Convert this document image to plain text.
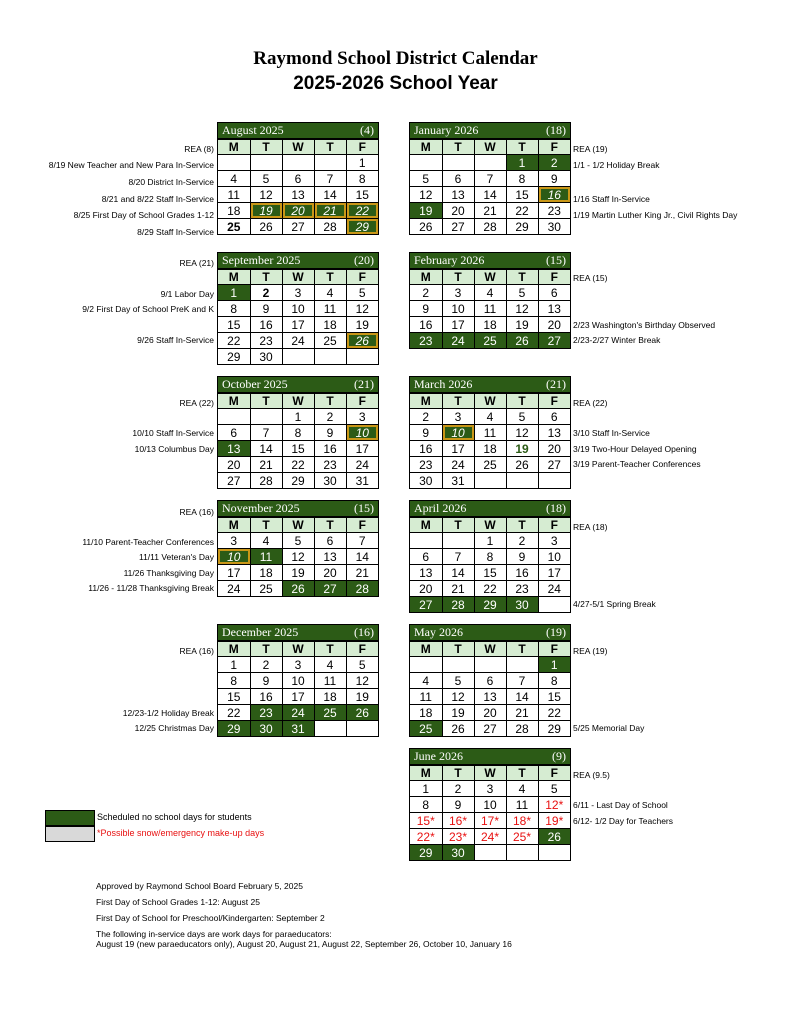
Raymond School District Calendar
2025-2026 School Year
August 2025	(4)
M	T	W	T	F
				1
4	5	6	7	8
11	12	13	14	15
18	19	20	21	22
25	26	27	28	29
January 2026	(18)
M	T	W	T	F
			1	2
5	6	7	8	9
12	13	14	15	16
19	20	21	22	23
26	27	28	29	30
September 2025	(20)
M	T	W	T	F
1	2	3	4	5
8	9	10	11	12
15	16	17	18	19
22	23	24	25	26
29	30			
February 2026	(15)
M	T	W	T	F
2	3	4	5	6
9	10	11	12	13
16	17	18	19	20
23	24	25	26	27
October 2025	(21)
M	T	W	T	F
		1	2	3
6	7	8	9	10
13	14	15	16	17
20	21	22	23	24
27	28	29	30	31
March 2026	(21)
M	T	W	T	F
2	3	4	5	6
9	10	11	12	13
16	17	18	19	20
23	24	25	26	27
30	31			
November 2025	(15)
M	T	W	T	F
3	4	5	6	7
10	11	12	13	14
17	18	19	20	21
24	25	26	27	28
April 2026	(18)
M	T	W	T	F
		1	2	3
6	7	8	9	10
13	14	15	16	17
20	21	22	23	24
27	28	29	30	
December 2025	(16)
M	T	W	T	F
1	2	3	4	5
8	9	10	11	12
15	16	17	18	19
22	23	24	25	26
29	30	31		
May 2026	(19)
M	T	W	T	F
				1
4	5	6	7	8
11	12	13	14	15
18	19	20	21	22
25	26	27	28	29
June 2026	(9)
M	T	W	T	F
1	2	3	4	5
8	9	10	11	12*
15*	16*	17*	18*	19*
22*	23*	24*	25*	26
29	30			
REA (8)
8/19 New Teacher and New Para In-Service
8/20 District In-Service
8/21 and 8/22 Staff In-Service
8/25 First Day of School Grades 1-12
8/29 Staff In-Service
REA (21)
9/1 Labor Day
9/2 First Day of School PreK and K
9/26 Staff In-Service
REA (22)
10/10 Staff In-Service
10/13 Columbus Day
REA (16)
11/10 Parent-Teacher Conferences
11/11 Veteran's Day
11/26 Thanksgiving Day
11/26 - 11/28 Thanksgiving Break
REA (16)
12/23-1/2 Holiday Break
12/25 Christmas Day
REA (19)
1/1 - 1/2 Holiday Break
1/16 Staff In-Service
1/19 Martin Luther King Jr., Civil Rights Day
REA (15)
2/23 Washington's Birthday Observed
2/23-2/27 Winter Break
REA (22)
3/10 Staff In-Service
3/19 Two-Hour Delayed Opening
3/19 Parent-Teacher Conferences
REA (18)
4/27-5/1 Spring Break
REA (19)
5/25 Memorial Day
REA (9.5)
6/11 - Last Day of School
6/12- 1/2 Day for Teachers
Scheduled no school days for students
*Possible snow/emergency make-up days
Approved by Raymond School Board February 5, 2025
First Day of School Grades 1-12: August 25
First Day of School for Preschool/Kindergarten: September 2
The following in-service days are work days for paraeducators:
August 19 (new paraeducators only), August 20, August 21, August 22, September 26, October 10, January 16
